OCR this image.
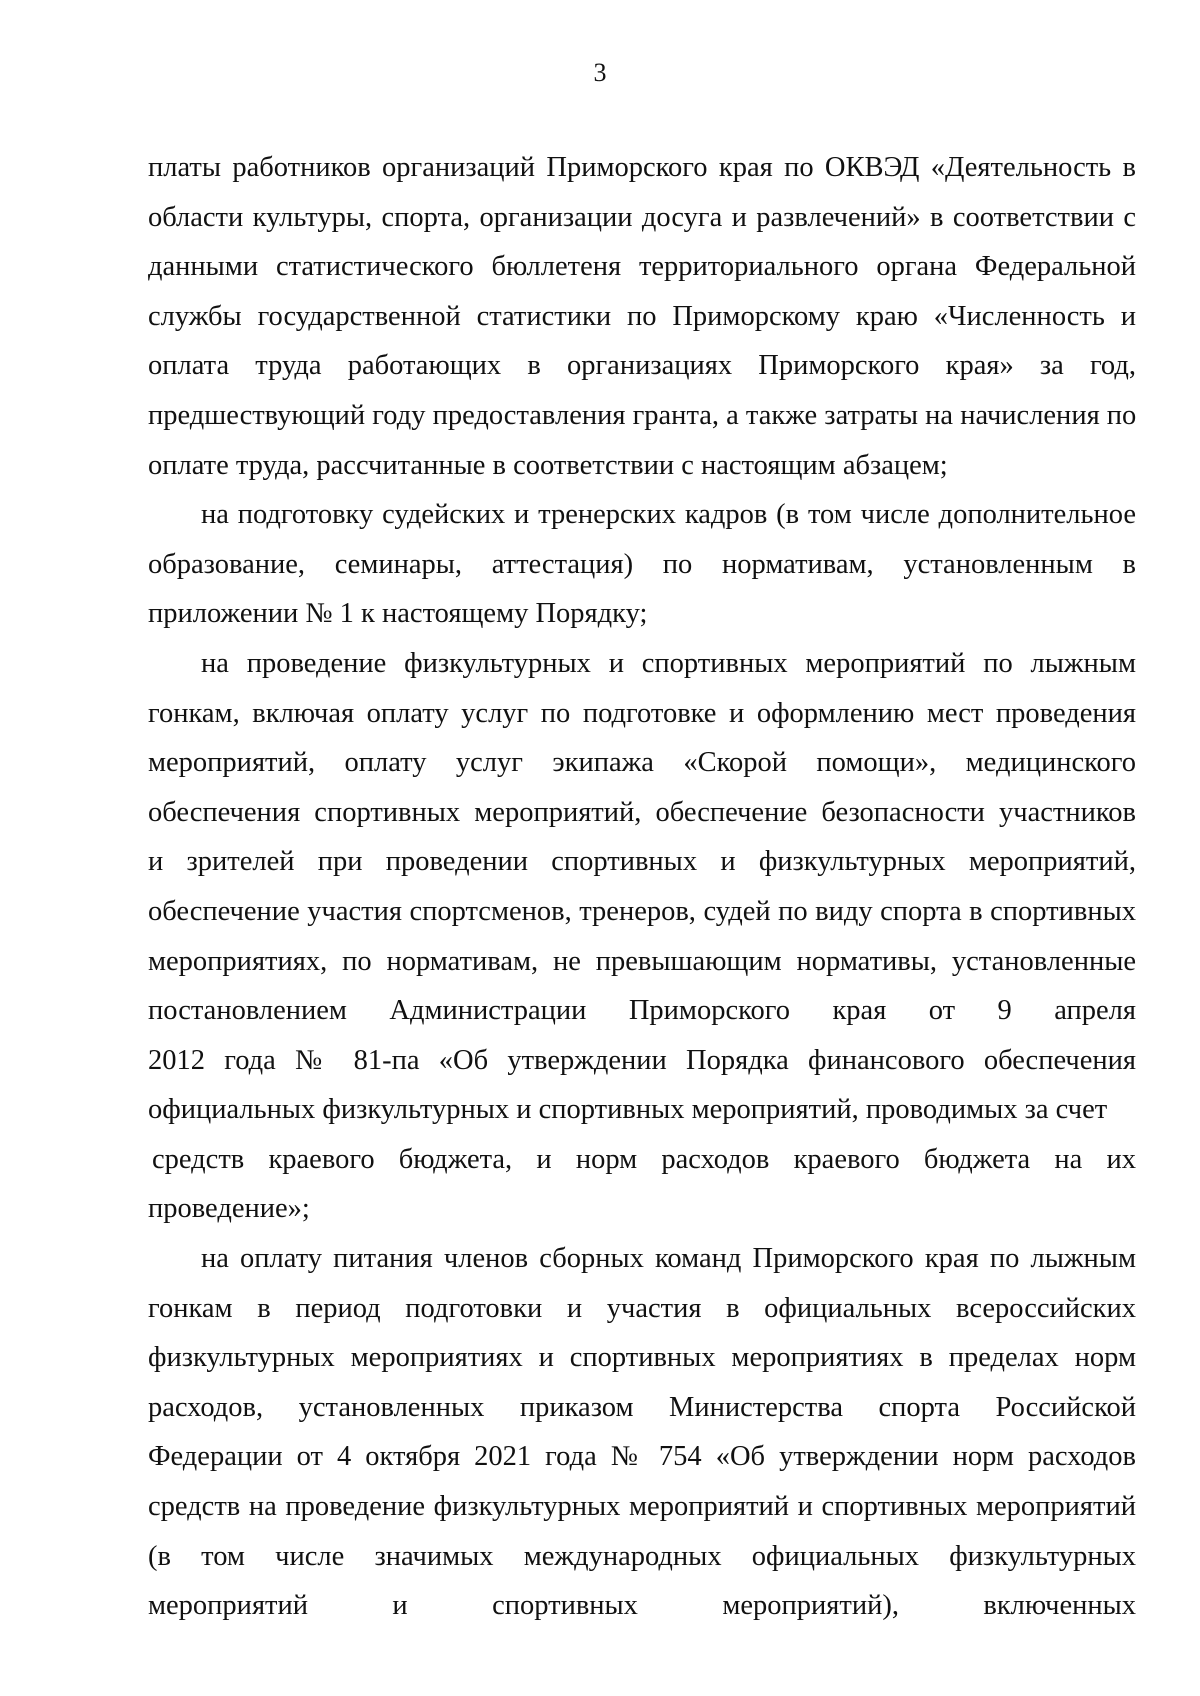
3
платы работников организаций Приморского края по ОКВЭД «Деятельность в
области культуры, спорта, организации досуга и развлечений» в соответствии с
данными статистического бюллетеня территориального органа Федеральной
службы государственной статистики по Приморскому краю «Численность и
оплата труда работающих в организациях Приморского края» за год,
предшествующий году предоставления гранта, а также затраты на начисления по
оплате труда, рассчитанные в соответствии с настоящим абзацем;
на подготовку судейских и тренерских кадров (в том числе дополнительное
образование, семинары, аттестация) по нормативам, установленным в
приложении № 1 к настоящему Порядку;
на проведение физкультурных и спортивных мероприятий по лыжным
гонкам, включая оплату услуг по подготовке и оформлению мест проведения
мероприятий, оплату услуг экипажа «Скорой помощи», медицинского
обеспечения спортивных мероприятий, обеспечение безопасности участников
и зрителей при проведении спортивных и физкультурных мероприятий,
обеспечение участия спортсменов, тренеров, судей по виду спорта в спортивных
мероприятиях, по нормативам, не превышающим нормативы, установленные
постановлением Администрации Приморского края от 9 апреля
2012 года № 81-па «Об утверждении Порядка финансового обеспечения
официальных физкультурных и спортивных мероприятий, проводимых за счет
средств краевого бюджета, и норм расходов краевого бюджета на их
проведение»;
на оплату питания членов сборных команд Приморского края по лыжным
гонкам в период подготовки и участия в официальных всероссийских
физкультурных мероприятиях и спортивных мероприятиях в пределах норм
расходов, установленных приказом Министерства спорта Российской
Федерации от 4 октября 2021 года № 754 «Об утверждении норм расходов
средств на проведение физкультурных мероприятий и спортивных мероприятий
(в том числе значимых международных официальных физкультурных
мероприятий и спортивных мероприятий), включенных
